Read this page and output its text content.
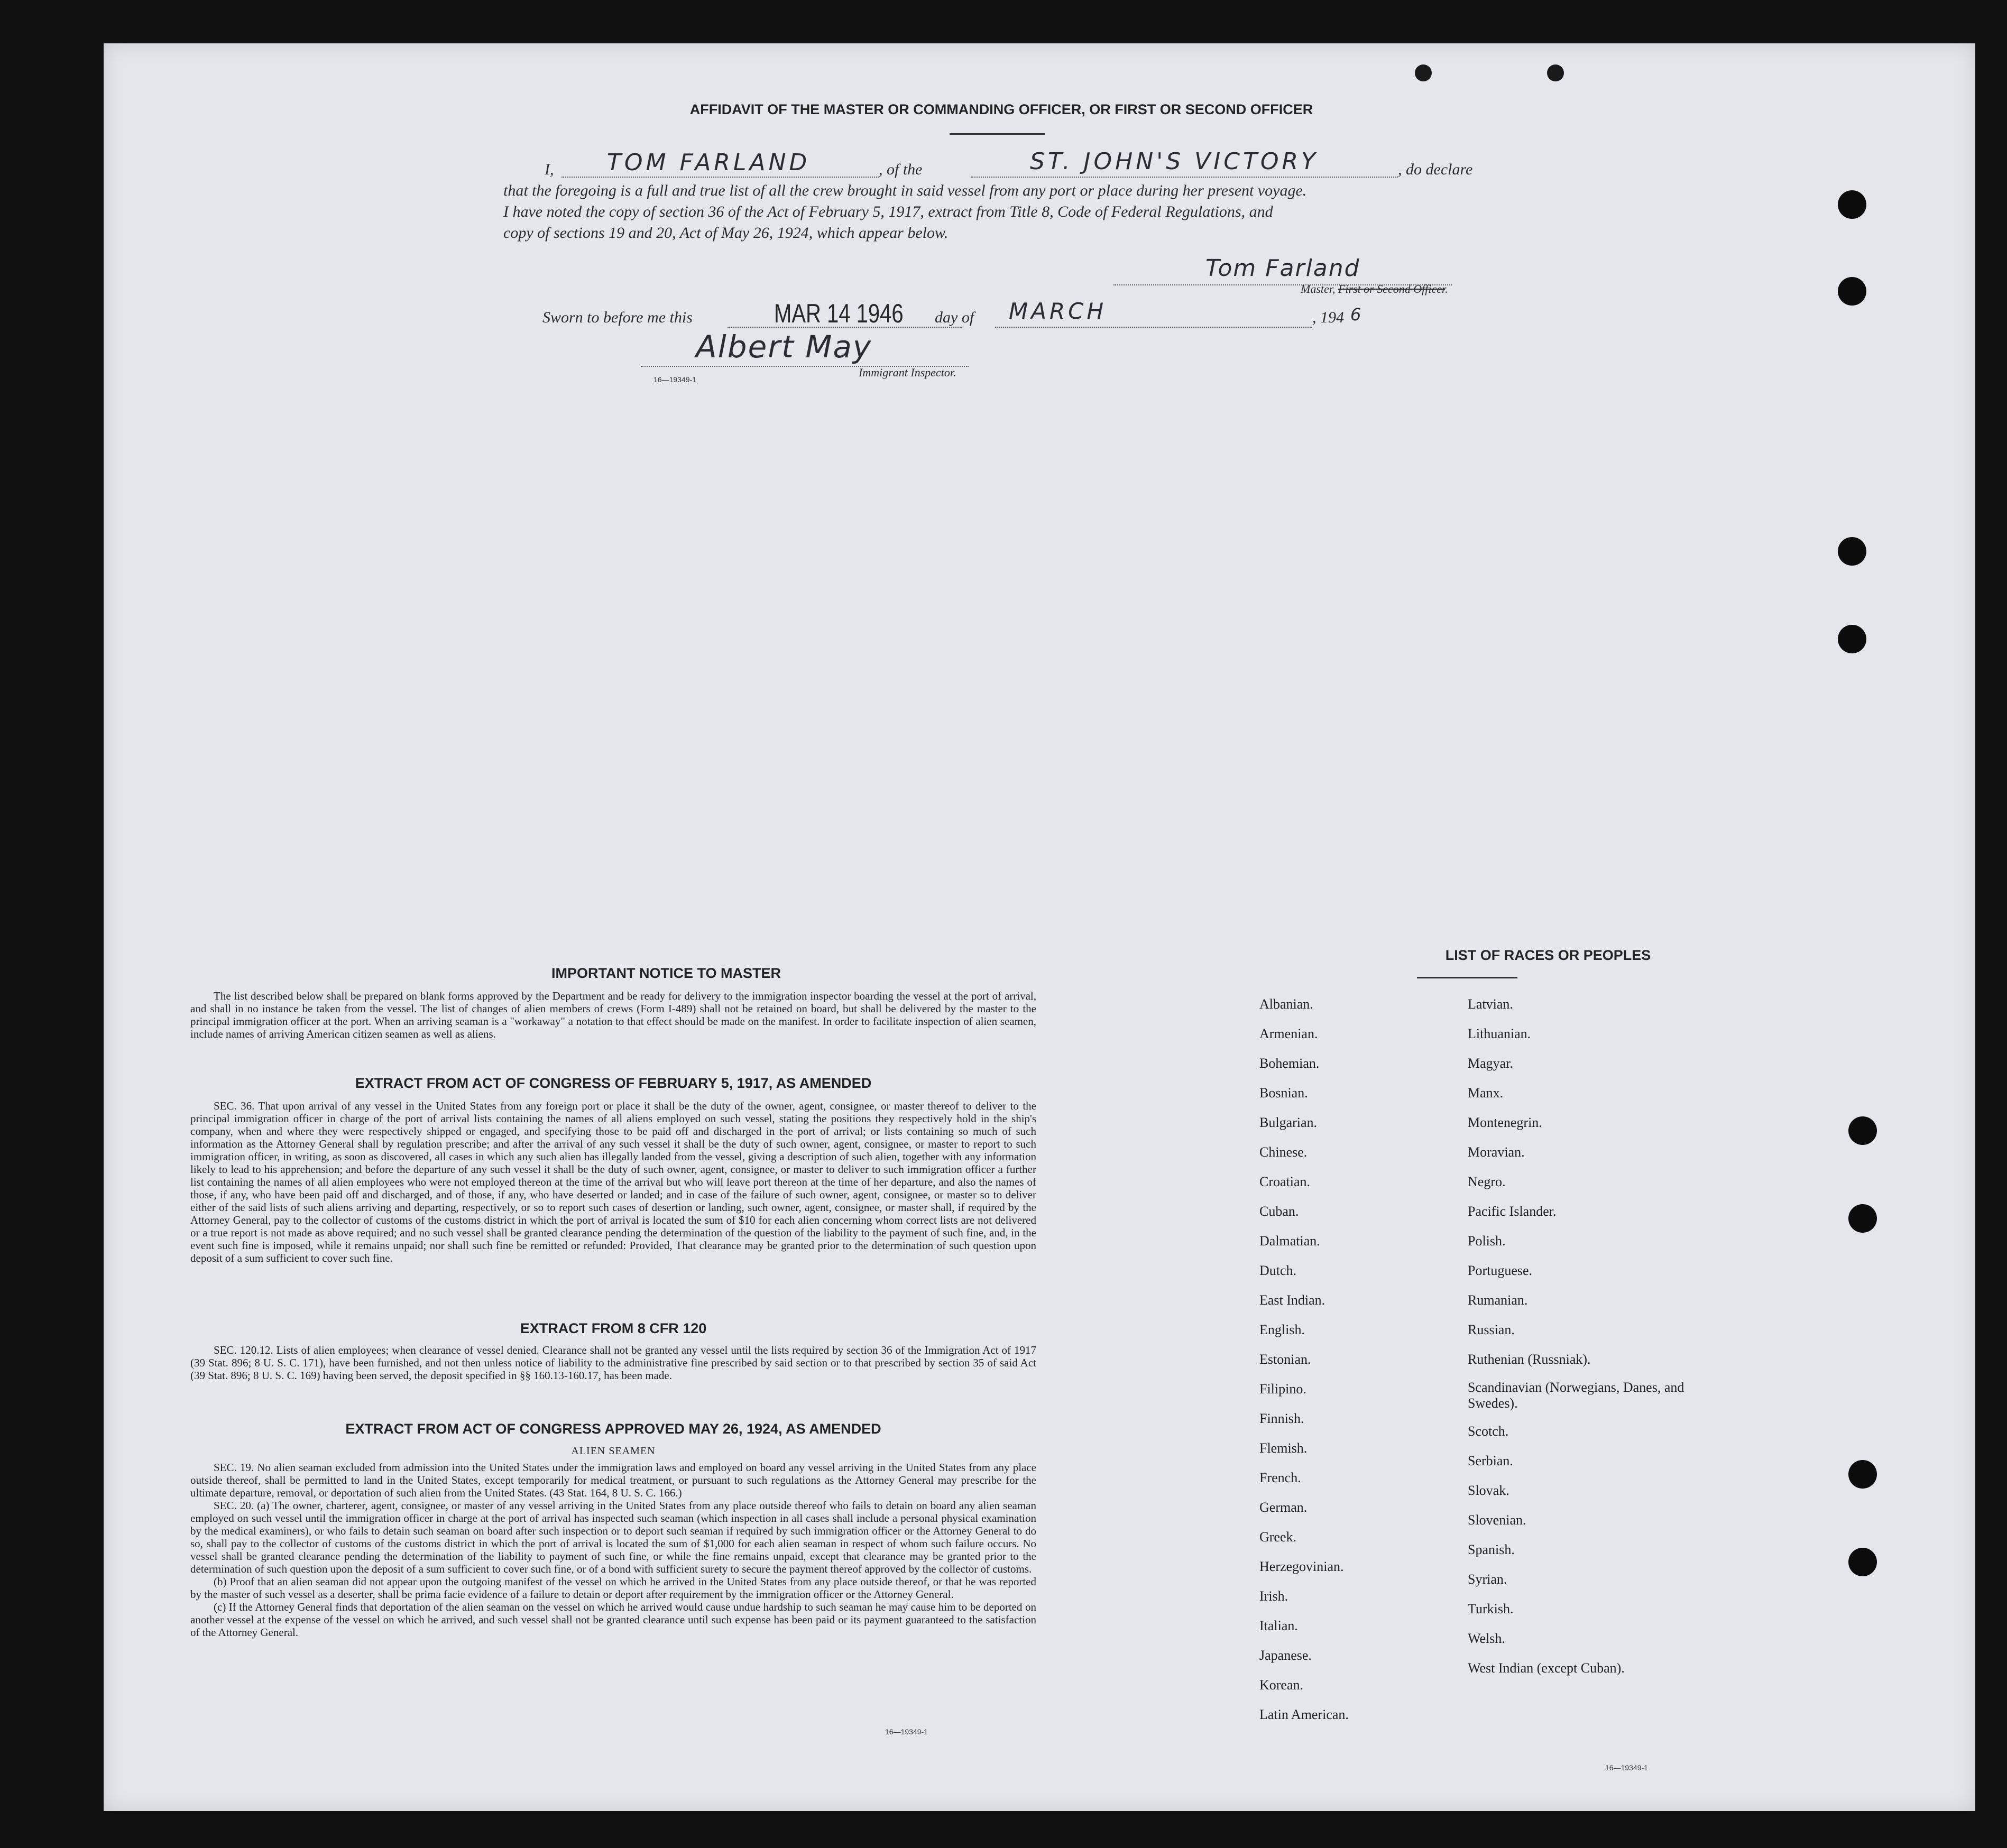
AFFIDAVIT OF THE MASTER OR COMMANDING OFFICER, OR FIRST OR SECOND OFFICER
I, TOM FARLAND	, of the	ST. JOHN'S VICTORY	, do declare
that the foregoing is a full and true list of all the crew brought in said vessel from any port or place during her present voyage.
I have noted the copy of section 36 of the Act of February 5, 1917, extract from Title 8, Code of Federal Regulations, and
copy of sections 19 and 20, Act of May 26, 1924, which appear below.
Tom Farland
Master, First or Second Officer.
Sworn to before me this	MAR 14 1946 day of MARCH	, 194 6
Albert May
16—19349-1
Immigrant Inspector.
IMPORTANT NOTICE TO MASTER
The list described below shall be prepared on blank forms approved by the Department and be ready for delivery to the immigration inspector boarding the vessel at the port of arrival, and shall in no instance be taken from the vessel. The list of changes of alien members of crews (Form I-489) shall not be retained on board, but shall be delivered by the master to the principal immigration officer at the port. When an arriving seaman is a "workaway" a notation to that effect should be made on the manifest. In order to facilitate inspection of alien seamen, include names of arriving American citizen seamen as well as aliens.
EXTRACT FROM ACT OF CONGRESS OF FEBRUARY 5, 1917, AS AMENDED
SEC. 36. That upon arrival of any vessel in the United States from any foreign port or place it shall be the duty of the owner, agent, consignee, or master thereof to deliver to the principal immigration officer in charge of the port of arrival lists containing the names of all aliens employed on such vessel, stating the positions they respectively hold in the ship's company, when and where they were respectively shipped or engaged, and specifying those to be paid off and discharged in the port of arrival; or lists containing so much of such information as the Attorney General shall by regulation prescribe; and after the arrival of any such vessel it shall be the duty of such owner, agent, consignee, or master to report to such immigration officer, in writing, as soon as discovered, all cases in which any such alien has illegally landed from the vessel, giving a description of such alien, together with any information likely to lead to his apprehension; and before the departure of any such vessel it shall be the duty of such owner, agent, consignee, or master to deliver to such immigration officer a further list containing the names of all alien employees who were not employed thereon at the time of the arrival but who will leave port thereon at the time of her departure, and also the names of those, if any, who have been paid off and discharged, and of those, if any, who have deserted or landed; and in case of the failure of such owner, agent, consignee, or master so to deliver either of the said lists of such aliens arriving and departing, respectively, or so to report such cases of desertion or landing, such owner, agent, consignee, or master shall, if required by the Attorney General, pay to the collector of customs of the customs district in which the port of arrival is located the sum of $10 for each alien concerning whom correct lists are not delivered or a true report is not made as above required; and no such vessel shall be granted clearance pending the determination of the question of the liability to the payment of such fine, and, in the event such fine is imposed, while it remains unpaid; nor shall such fine be remitted or refunded: Provided, That clearance may be granted prior to the determination of such question upon deposit of a sum sufficient to cover such fine.
EXTRACT FROM 8 CFR 120
SEC. 120.12. Lists of alien employees; when clearance of vessel denied. Clearance shall not be granted any vessel until the lists required by section 36 of the Immigration Act of 1917 (39 Stat. 896; 8 U. S. C. 171), have been furnished, and not then unless notice of liability to the administrative fine prescribed by said section or to that prescribed by section 35 of said Act (39 Stat. 896; 8 U. S. C. 169) having been served, the deposit specified in §§ 160.13-160.17, has been made.
EXTRACT FROM ACT OF CONGRESS APPROVED MAY 26, 1924, AS AMENDED
ALIEN SEAMEN
SEC. 19. No alien seaman excluded from admission into the United States under the immigration laws and employed on board any vessel arriving in the United States from any place outside thereof, shall be permitted to land in the United States, except temporarily for medical treatment, or pursuant to such regulations as the Attorney General may prescribe for the ultimate departure, removal, or deportation of such alien from the United States. (43 Stat. 164, 8 U. S. C. 166.)
SEC. 20. (a) The owner, charterer, agent, consignee, or master of any vessel arriving in the United States from any place outside thereof who fails to detain on board any alien seaman employed on such vessel until the immigration officer in charge at the port of arrival has inspected such seaman (which inspection in all cases shall include a personal physical examination by the medical examiners), or who fails to detain such seaman on board after such inspection or to deport such seaman if required by such immigration officer or the Attorney General to do so, shall pay to the collector of customs of the customs district in which the port of arrival is located the sum of $1,000 for each alien seaman in respect of whom such failure occurs. No vessel shall be granted clearance pending the determination of the liability to payment of such fine, or while the fine remains unpaid, except that clearance may be granted prior to the determination of such question upon the deposit of a sum sufficient to cover such fine, or of a bond with sufficient surety to secure the payment thereof approved by the collector of customs.
(b) Proof that an alien seaman did not appear upon the outgoing manifest of the vessel on which he arrived in the United States from any place outside thereof, or that he was reported by the master of such vessel as a deserter, shall be prima facie evidence of a failure to detain or deport after requirement by the immigration officer or the Attorney General.
(c) If the Attorney General finds that deportation of the alien seaman on the vessel on which he arrived would cause undue hardship to such seaman he may cause him to be deported on another vessel at the expense of the vessel on which he arrived, and such vessel shall not be granted clearance until such expense has been paid or its payment guaranteed to the satisfaction of the Attorney General.
16—19349-1
LIST OF RACES OR PEOPLES
Albanian.
Armenian.
Bohemian.
Bosnian.
Bulgarian.
Chinese.
Croatian.
Cuban.
Dalmatian.
Dutch.
East Indian.
English.
Estonian.
Filipino.
Finnish.
Flemish.
French.
German.
Greek.
Herzegovinian.
Irish.
Italian.
Japanese.
Korean.
Latin American.
Latvian.
Lithuanian.
Magyar.
Manx.
Montenegrin.
Moravian.
Negro.
Pacific Islander.
Polish.
Portuguese.
Rumanian.
Russian.
Ruthenian (Russniak).
Scandinavian (Norwegians, Danes, and Swedes).
Scotch.
Serbian.
Slovak.
Slovenian.
Spanish.
Syrian.
Turkish.
Welsh.
West Indian (except Cuban).
16—19349-1
